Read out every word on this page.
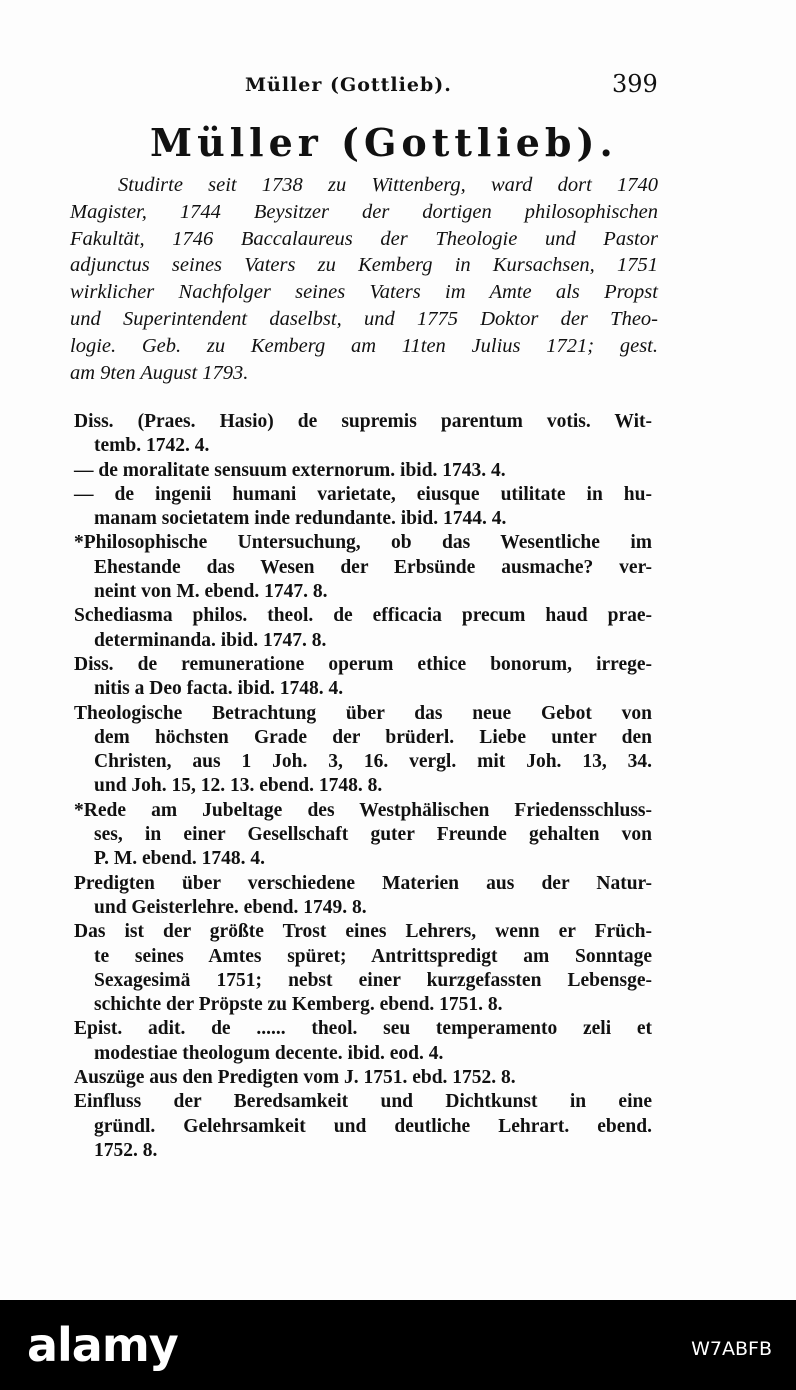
Müller (Gottlieb).	399
Müller (Gottlieb).
Studirte seit 1738 zu Wittenberg, ward dort 1740
Magister, 1744 Beysitzer der dortigen philosophischen
Fakultät, 1746 Baccalaureus der Theologie und Pastor
adjunctus seines Vaters zu Kemberg in Kursachsen, 1751
wirklicher Nachfolger seines Vaters im Amte als Propst
und Superintendent daselbst, und 1775 Doktor der Theo-
logie. Geb. zu Kemberg am 11ten Julius 1721; gest.
am 9ten August 1793.
Diss. (Praes. Hasio) de supremis parentum votis. Wit-
temb. 1742. 4.
— de moralitate sensuum externorum. ibid. 1743. 4.
— de ingenii humani varietate, eiusque utilitate in hu-
manam societatem inde redundante. ibid. 1744. 4.
*Philosophische Untersuchung, ob das Wesentliche im
Ehestande das Wesen der Erbsünde ausmache? ver-
neint von M. ebend. 1747. 8.
Schediasma philos. theol. de efficacia precum haud prae-
determinanda. ibid. 1747. 8.
Diss. de remuneratione operum ethice bonorum, irrege-
nitis a Deo facta. ibid. 1748. 4.
Theologische Betrachtung über das neue Gebot von
dem höchsten Grade der brüderl. Liebe unter den
Christen, aus 1 Joh. 3, 16. vergl. mit Joh. 13, 34.
und Joh. 15, 12. 13. ebend. 1748. 8.
*Rede am Jubeltage des Westphälischen Friedensschluss-
ses, in einer Gesellschaft guter Freunde gehalten von
P. M. ebend. 1748. 4.
Predigten über verschiedene Materien aus der Natur-
und Geisterlehre. ebend. 1749. 8.
Das ist der größte Trost eines Lehrers, wenn er Früch-
te seines Amtes spüret; Antrittspredigt am Sonntage
Sexagesimä 1751; nebst einer kurzgefassten Lebensge-
schichte der Pröpste zu Kemberg. ebend. 1751. 8.
Epist. adit. de ...... theol. seu temperamento zeli et
modestiae theologum decente. ibid. eod. 4.
Auszüge aus den Predigten vom J. 1751. ebd. 1752. 8.
Einfluss der Beredsamkeit und Dichtkunst in eine
gründl. Gelehrsamkeit und deutliche Lehrart. ebend.
1752. 8.
alamy	W7ABFB
